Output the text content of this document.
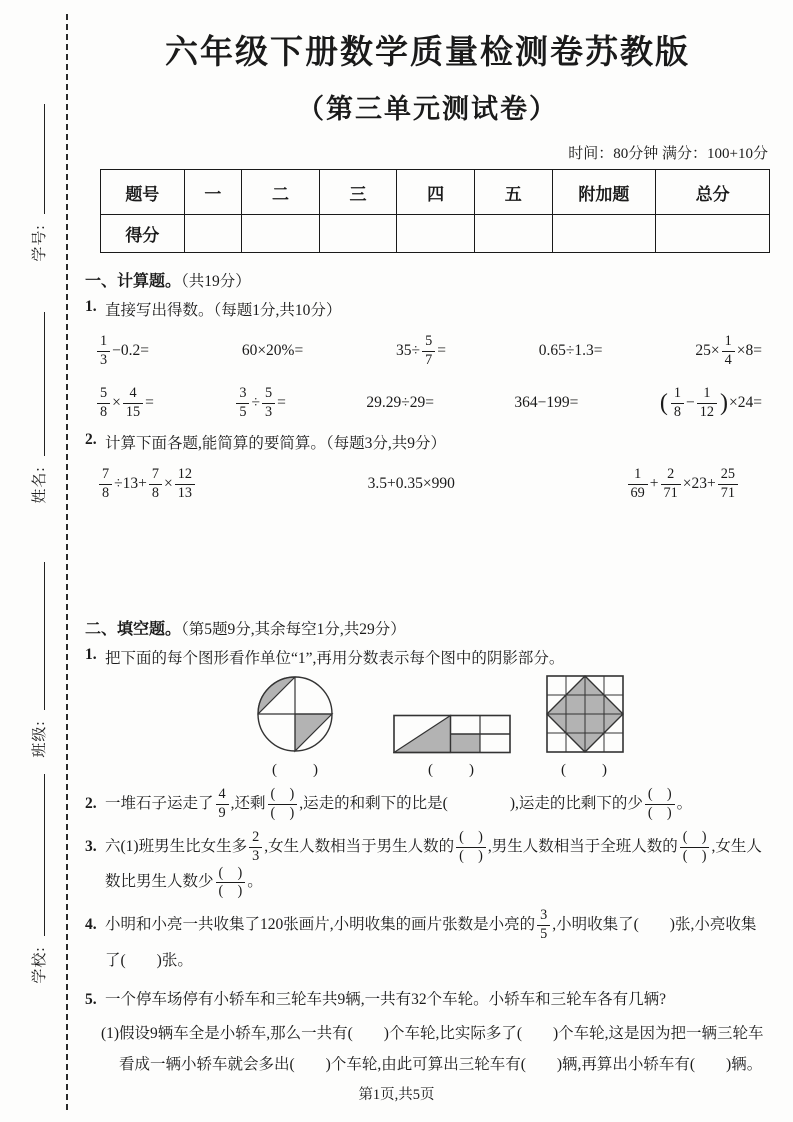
学号:
姓名:
班级:
学校:
六年级下册数学质量检测卷苏教版
（第三单元测试卷）
时间：80分钟 满分：100+10分
题号	一	二	三	四	五	附加题	总分
得分							
一、计算题。（共19分）
1. 直接写出得数。（每题1分,共10分）
$\frac{1}{3} -0.2=$	60×20%=	$35\div \frac{5}{7}$ =	0.65÷1.3=	$25\times \frac{1}{4} \times 8=$
$\frac{5}{8} \times \frac{4}{15}$ =	$\frac{3}{5} \div \frac{5}{3}$ =	29.29÷29=	364−199=	( $\frac{1}{8} - \frac{1}{12} )\times 24=$
2. 计算下面各题,能简算的要简算。（每题3分,共9分）
$\frac{7}{8} \div 13+ \frac{7}{8} \times \frac{12}{13}$	3.5+0.35×990	$\frac{1}{69} + \frac{2}{71} \times 23+ \frac{25}{71}$
二、填空题。（第5题9分,其余每空1分,共29分）
1. 把下面的每个图形看作单位“1”,再用分数表示每个图中的阴影部分。
(　　)	(　　)	(　　)
2. 一堆石子运走了 $\frac{4}{9}$ ,还剩 $\frac{( )}{( )}$ ,运走的和剩下的比是(　　　　),运走的比剩下的少 $\frac{( )}{( )}$ 。
3. 六(1)班男生比女生多 $\frac{2}{3}$ ,女生人数相当于男生人数的 $\frac{( )}{( )}$ ,男生人数相当于全班人数的 $\frac{( )}{( )}$ ,女生人数比男生人数少 $\frac{( )}{( )}$ 。
4. 小明和小亮一共收集了120张画片,小明收集的画片张数是小亮的 $\frac{3}{5}$ ,小明收集了(　　)张,小亮收集了(　　)张。
5. 一个停车场停有小轿车和三轮车共9辆,一共有32个车轮。小轿车和三轮车各有几辆?
(1) 假设9辆车全是小轿车,那么一共有(　　)个车轮,比实际多了(　　)个车轮,这是因为把一辆三轮车看成一辆小轿车就会多出(　　)个车轮,由此可算出三轮车有(　　)辆,再算出小轿车有(　　)辆。
第1页,共5页
